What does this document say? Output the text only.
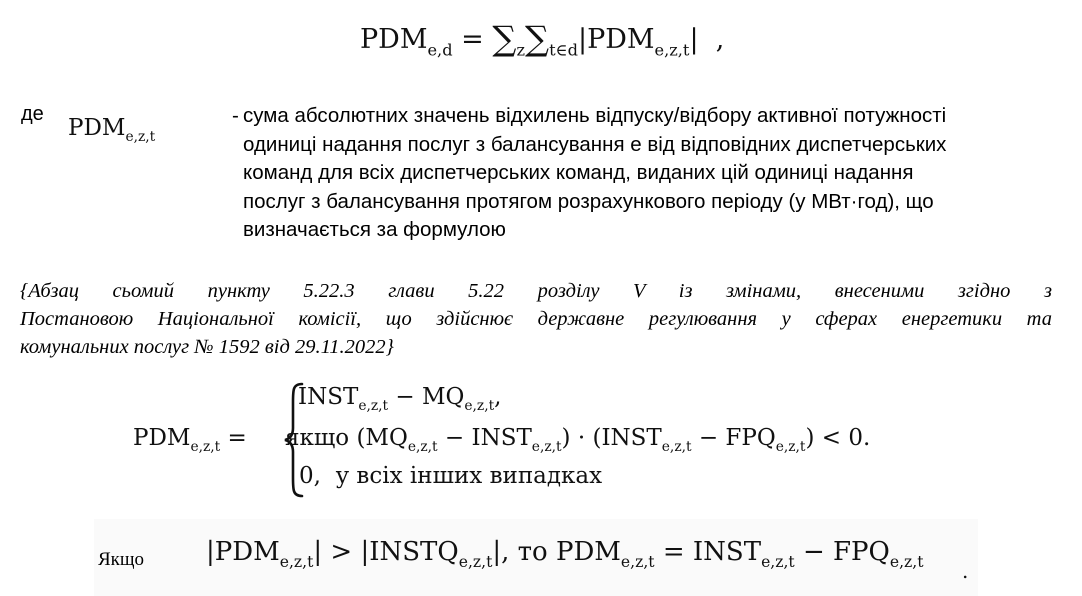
$PDM_{e,d} = \sum_z\sum_{t\in d}|PDM_{e,z,t}|$ ,
де
$PDM_{e,z,t}$
- сума абсолютних значень відхилень відпуску/відбору активної потужності
одиниці надання послуг з балансування е від відповідних диспетчерських
команд для всіх диспетчерських команд, виданих цій одиниці надання
послуг з балансування протягом розрахункового періоду (у МВт·год), що
визначається за формулою
{Абзац сьомий пункту 5.22.3 глави 5.22 розділу V із змінами, внесеними згідно з
Постановою Національної комісії, що здійснює державне регулювання у сферах енергетики та
комунальних послуг № 1592 від 29.11.2022}
$PDM_{e,z,t}$ =
$INST_{e,z,t} - MQ_{e,z,t}$,
якщо ($MQ_{e,z,t}$ − $INST_{e,z,t}$) · $(INST_{e,z,t} - FPQ_{e,z,t}) < 0$.
0, у всіх інших випадках
Якщо $|PDM_{e,z,t}|$ > $|INSTQ_{e,z,t}|$, то $PDM_{e,z,t}$ = $INST_{e,z,t} - FPQ_{e,z,t}$ .
